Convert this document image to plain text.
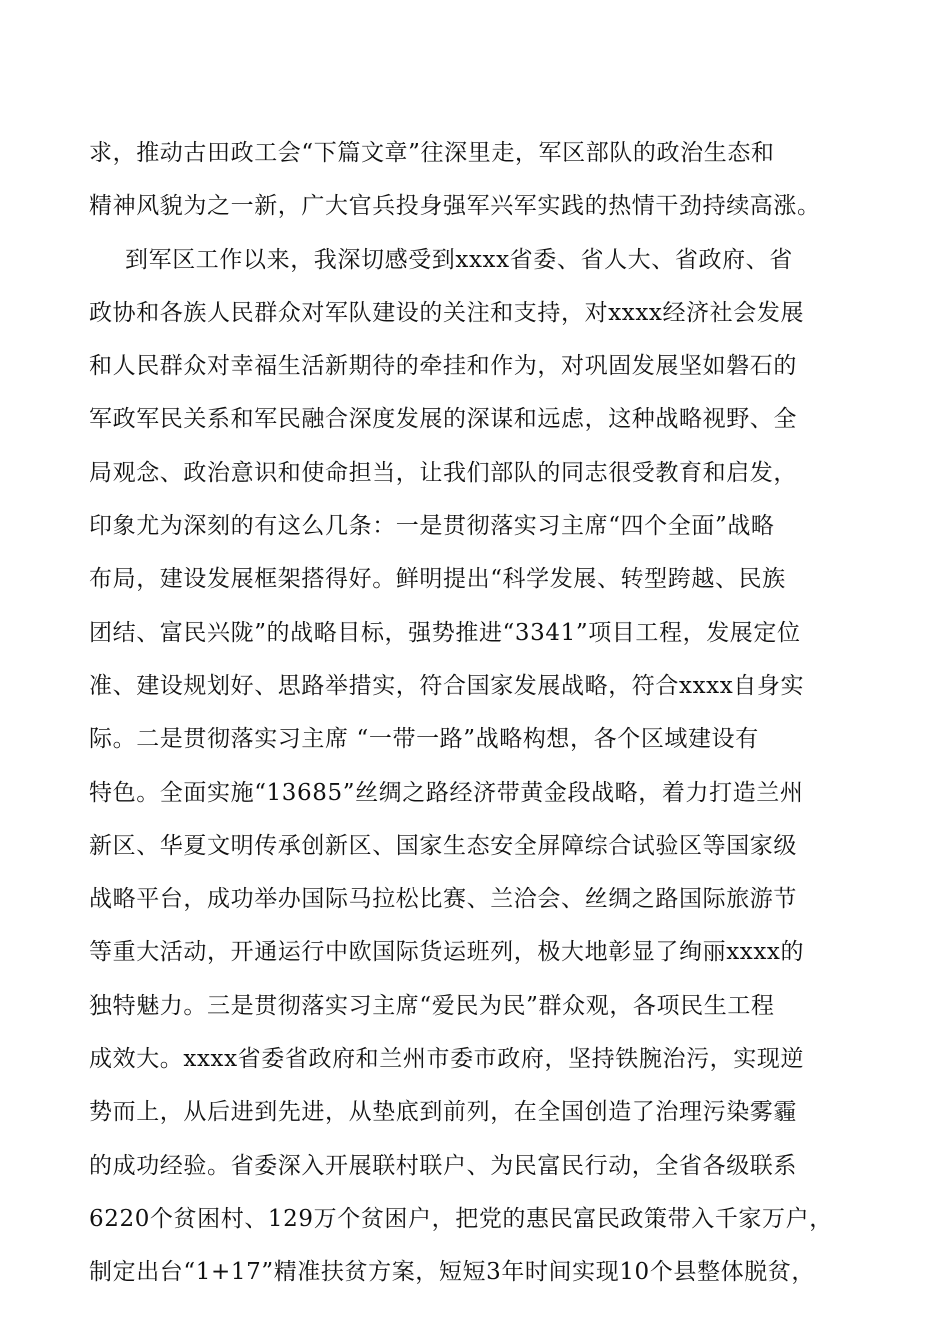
求，推动古田政工会“下篇文章”往深里走，军区部队的政治生态和
精神风貌为之一新，广大官兵投身强军兴军实践的热情干劲持续高涨。
到军区工作以来，我深切感受到xxxx省委、省人大、省政府、省
政协和各族人民群众对军队建设的关注和支持，对xxxx经济社会发展
和人民群众对幸福生活新期待的牵挂和作为，对巩固发展坚如磐石的
军政军民关系和军民融合深度发展的深谋和远虑，这种战略视野、全
局观念、政治意识和使命担当，让我们部队的同志很受教育和启发，
印象尤为深刻的有这么几条：一是贯彻落实习主席“四个全面”战略
布局，建设发展框架搭得好。鲜明提出“科学发展、转型跨越、民族
团结、富民兴陇”的战略目标，强势推进“3341”项目工程，发展定位
准、建设规划好、思路举措实，符合国家发展战略，符合xxxx自身实
际。二是贯彻落实习主席 “一带一路”战略构想，各个区域建设有
特色。全面实施“13685”丝绸之路经济带黄金段战略，着力打造兰州
新区、华夏文明传承创新区、国家生态安全屏障综合试验区等国家级
战略平台，成功举办国际马拉松比赛、兰洽会、丝绸之路国际旅游节
等重大活动，开通运行中欧国际货运班列，极大地彰显了绚丽xxxx的
独特魅力。三是贯彻落实习主席“爱民为民”群众观，各项民生工程
成效大。xxxx省委省政府和兰州市委市政府，坚持铁腕治污，实现逆
势而上，从后进到先进，从垫底到前列，在全国创造了治理污染雾霾
的成功经验。省委深入开展联村联户、为民富民行动，全省各级联系
6220个贫困村、129万个贫困户，把党的惠民富民政策带入千家万户，
制定出台“1+17”精准扶贫方案，短短3年时间实现10个县整体脱贫，
